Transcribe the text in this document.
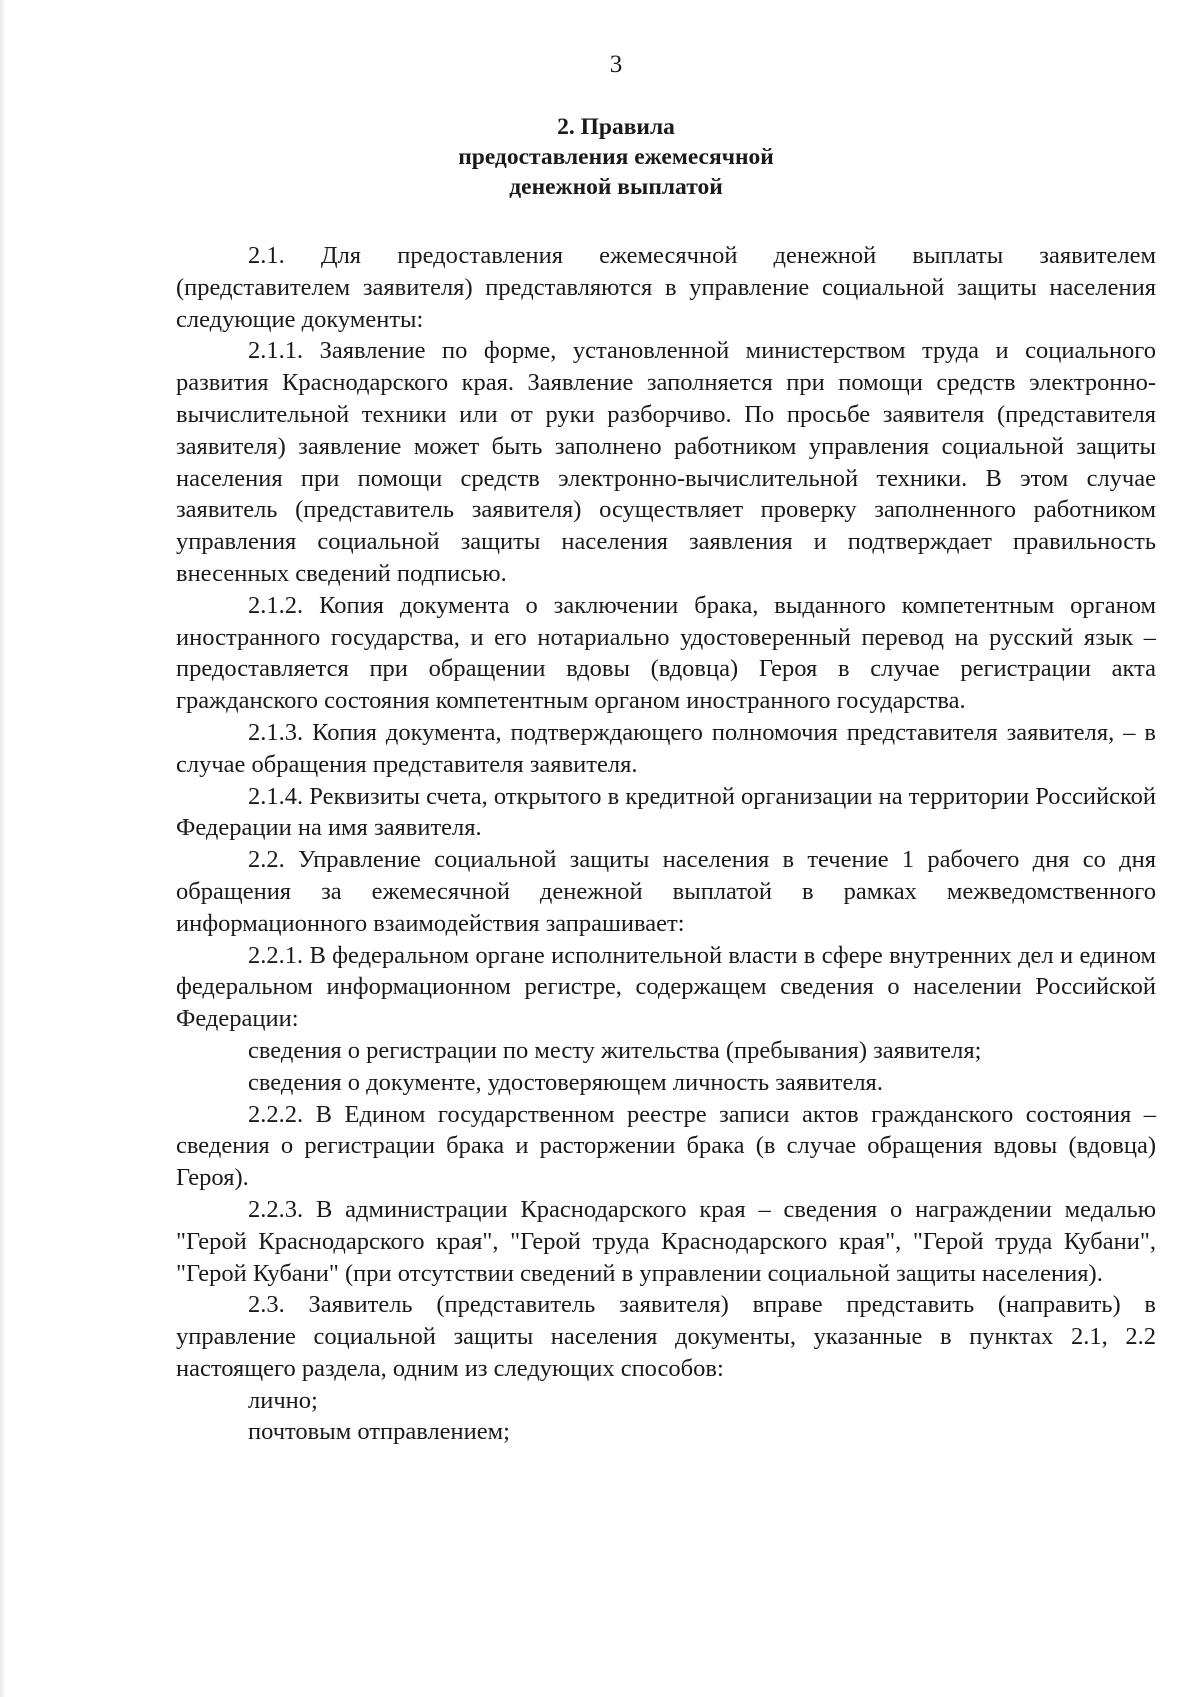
3
2. Правила
предоставления ежемесячной
денежной выплатой

2.1. Для предоставления ежемесячной денежной выплаты заявителем (представителем заявителя) представляются в управление социальной защиты населения следующие документы:

2.1.1. Заявление по форме, установленной министерством труда и социального развития Краснодарского края. Заявление заполняется при помощи средств электронно-вычислительной техники или от руки разборчиво. По просьбе заявителя (представителя заявителя) заявление может быть заполнено работником управления социальной защиты населения при помощи средств электронно-вычислительной техники. В этом случае заявитель (представитель заявителя) осуществляет проверку заполненного работником управления социальной защиты населения заявления и подтверждает правильность внесенных сведений подписью.

2.1.2. Копия документа о заключении брака, выданного компетентным органом иностранного государства, и его нотариально удостоверенный перевод на русский язык – предоставляется при обращении вдовы (вдовца) Героя в случае регистрации акта гражданского состояния компетентным органом иностранного государства.

2.1.3. Копия документа, подтверждающего полномочия представителя заявителя, – в случае обращения представителя заявителя.

2.1.4. Реквизиты счета, открытого в кредитной организации на территории Российской Федерации на имя заявителя.

2.2. Управление социальной защиты населения в течение 1 рабочего дня со дня обращения за ежемесячной денежной выплатой в рамках межведомственного информационного взаимодействия запрашивает:

2.2.1. В федеральном органе исполнительной власти в сфере внутренних дел и едином федеральном информационном регистре, содержащем сведения о населении Российской Федерации:

сведения о регистрации по месту жительства (пребывания) заявителя;

сведения о документе, удостоверяющем личность заявителя.

2.2.2. В Едином государственном реестре записи актов гражданского состояния – сведения о регистрации брака и расторжении брака (в случае обращения вдовы (вдовца) Героя).

2.2.3. В администрации Краснодарского края – сведения о награждении медалью "Герой Краснодарского края", "Герой труда Краснодарского края", "Герой труда Кубани", "Герой Кубани" (при отсутствии сведений в управлении социальной защиты населения).

2.3. Заявитель (представитель заявителя) вправе представить (направить) в управление социальной защиты населения документы, указанные в пунктах 2.1, 2.2 настоящего раздела, одним из следующих способов:

лично;

почтовым отправлением;
